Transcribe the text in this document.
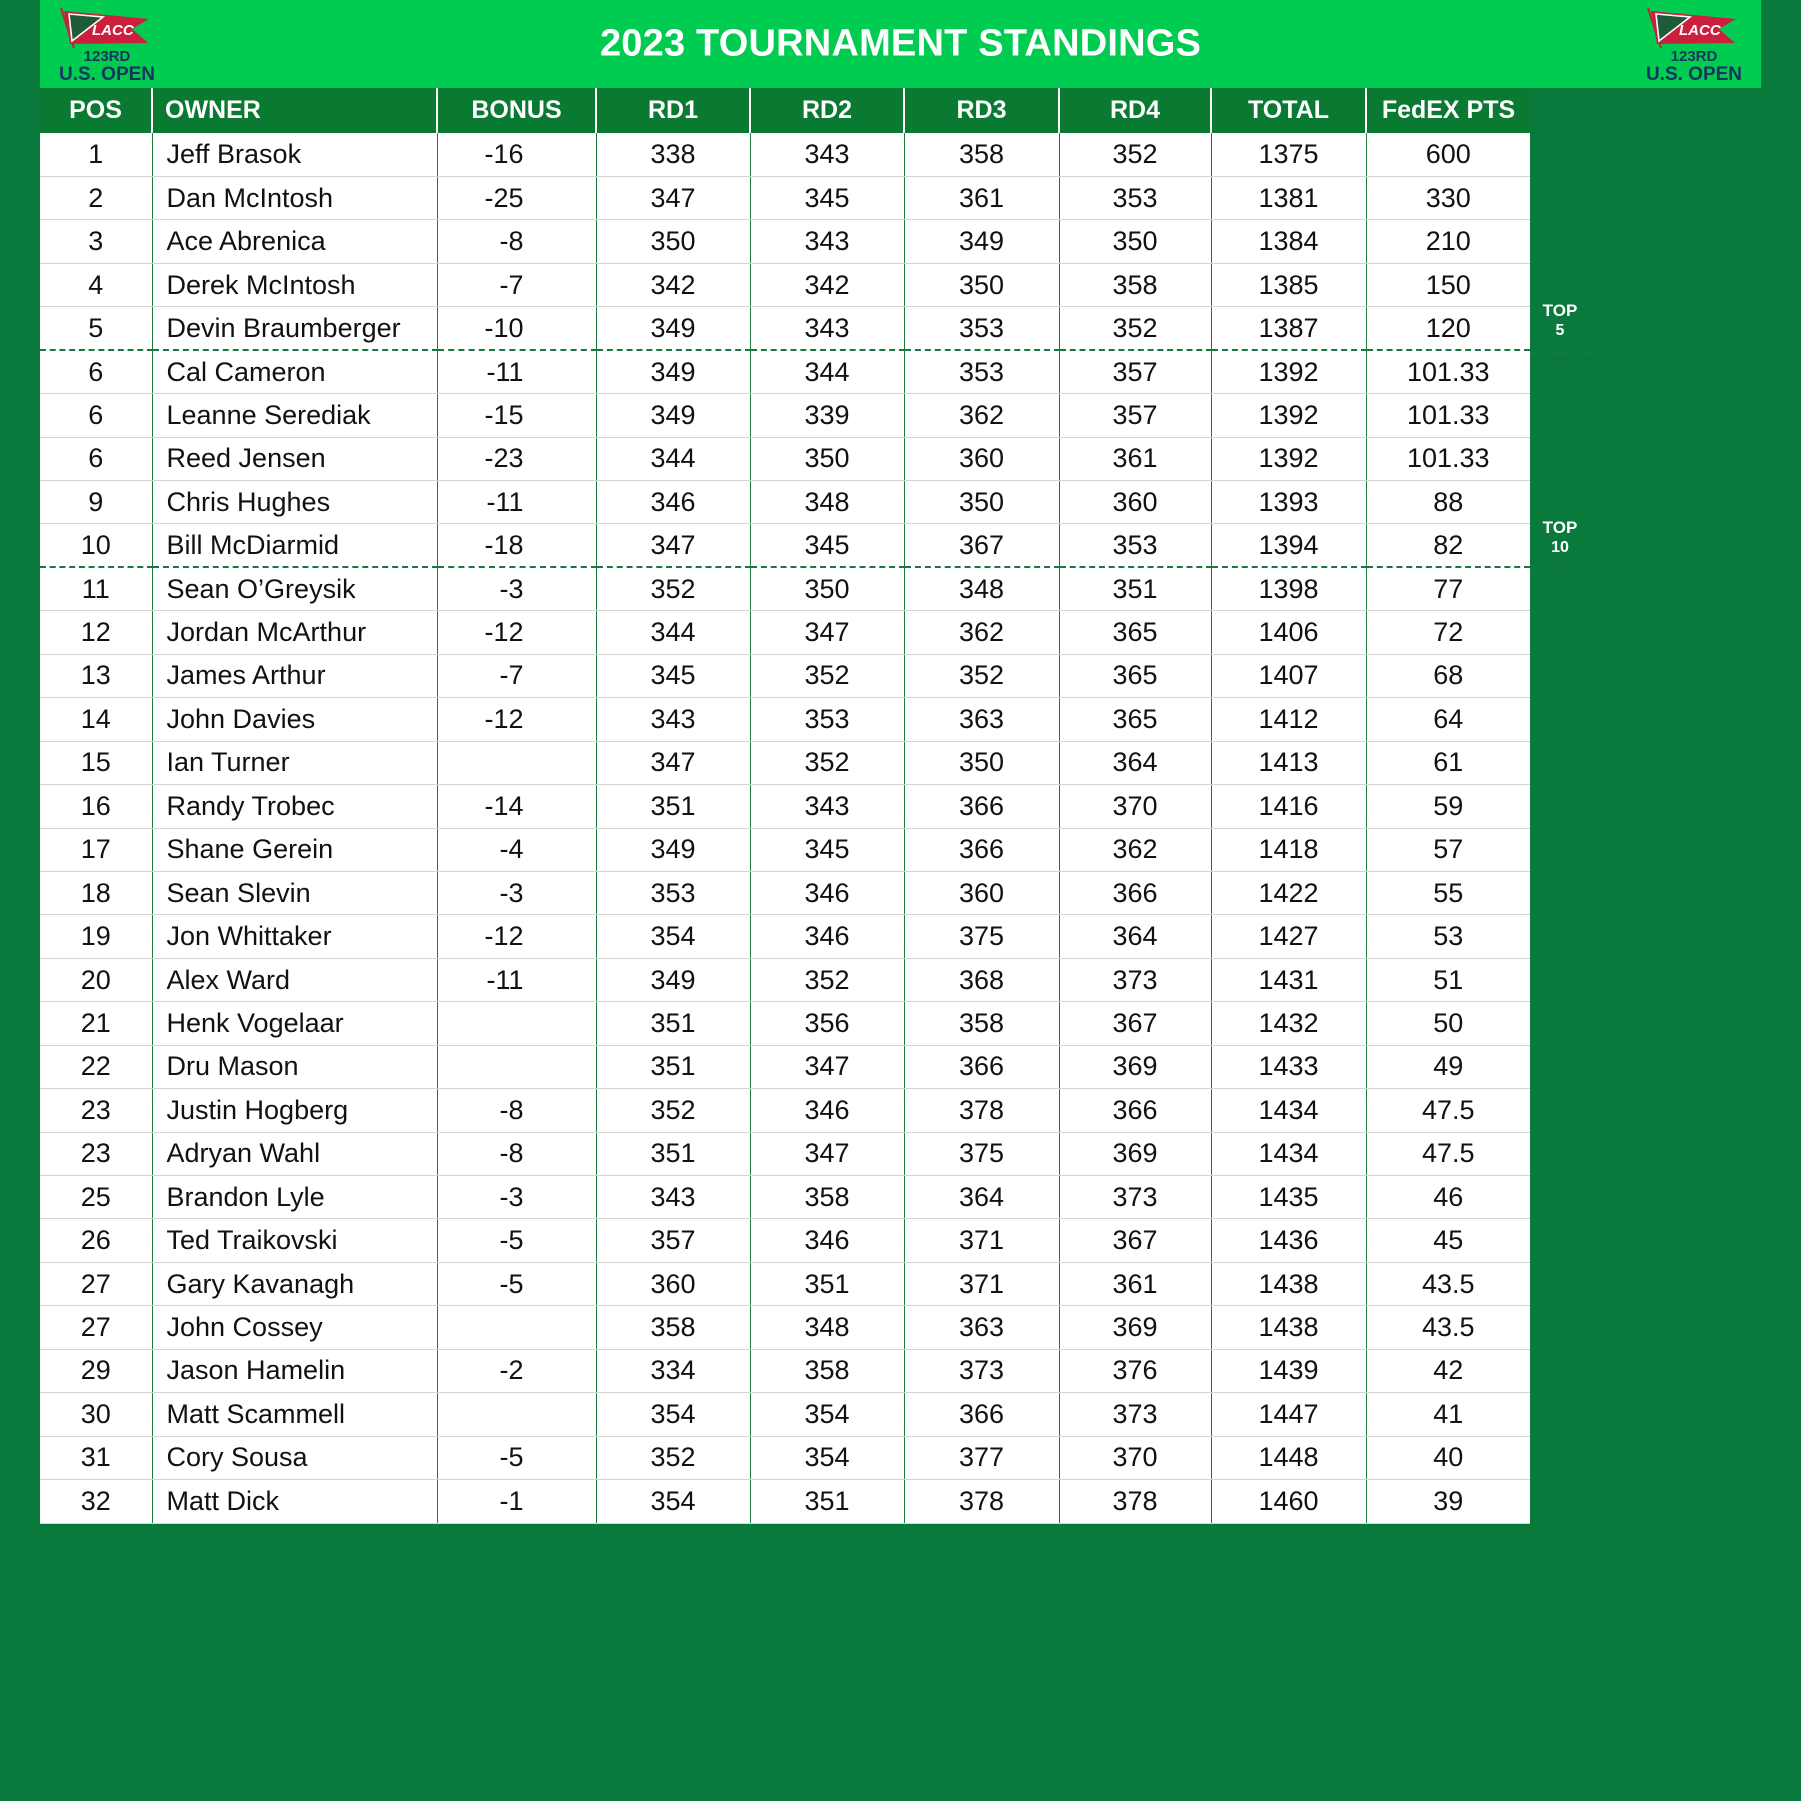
LACC
123RD
U.S. OPEN
2023 TOURNAMENT STANDINGS	LACC
123RD
U.S. OPEN
POS	OWNER	BONUS	RD1	RD2	RD3	RD4	TOTAL	FedEX PTS
1	Jeff Brasok	-16	338	343	358	352	1375	600
2	Dan McIntosh	-25	347	345	361	353	1381	330
3	Ace Abrenica	-8	350	343	349	350	1384	210
4	Derek McIntosh	-7	342	342	350	358	1385	150
5	Devin Braumberger	-10	349	343	353	352	1387	120
6	Cal Cameron	-11	349	344	353	357	1392	101.33
6	Leanne Serediak	-15	349	339	362	357	1392	101.33
6	Reed Jensen	-23	344	350	360	361	1392	101.33
9	Chris Hughes	-11	346	348	350	360	1393	88
10	Bill McDiarmid	-18	347	345	367	353	1394	82
11	Sean O’Greysik	-3	352	350	348	351	1398	77
12	Jordan McArthur	-12	344	347	362	365	1406	72
13	James Arthur	-7	345	352	352	365	1407	68
14	John Davies	-12	343	353	363	365	1412	64
15	Ian Turner		347	352	350	364	1413	61
16	Randy Trobec	-14	351	343	366	370	1416	59
17	Shane Gerein	-4	349	345	366	362	1418	57
18	Sean Slevin	-3	353	346	360	366	1422	55
19	Jon Whittaker	-12	354	346	375	364	1427	53
20	Alex Ward	-11	349	352	368	373	1431	51
21	Henk Vogelaar		351	356	358	367	1432	50
22	Dru Mason		351	347	366	369	1433	49
23	Justin Hogberg	-8	352	346	378	366	1434	47.5
23	Adryan Wahl	-8	351	347	375	369	1434	47.5
25	Brandon Lyle	-3	343	358	364	373	1435	46
26	Ted Traikovski	-5	357	346	371	367	1436	45
27	Gary Kavanagh	-5	360	351	371	361	1438	43.5
27	John Cossey		358	348	363	369	1438	43.5
29	Jason Hamelin	-2	334	358	373	376	1439	42
30	Matt Scammell		354	354	366	373	1447	41
31	Cory Sousa	-5	352	354	377	370	1448	40
32	Matt Dick	-1	354	351	378	378	1460	39
TOP
5
TOP
10
